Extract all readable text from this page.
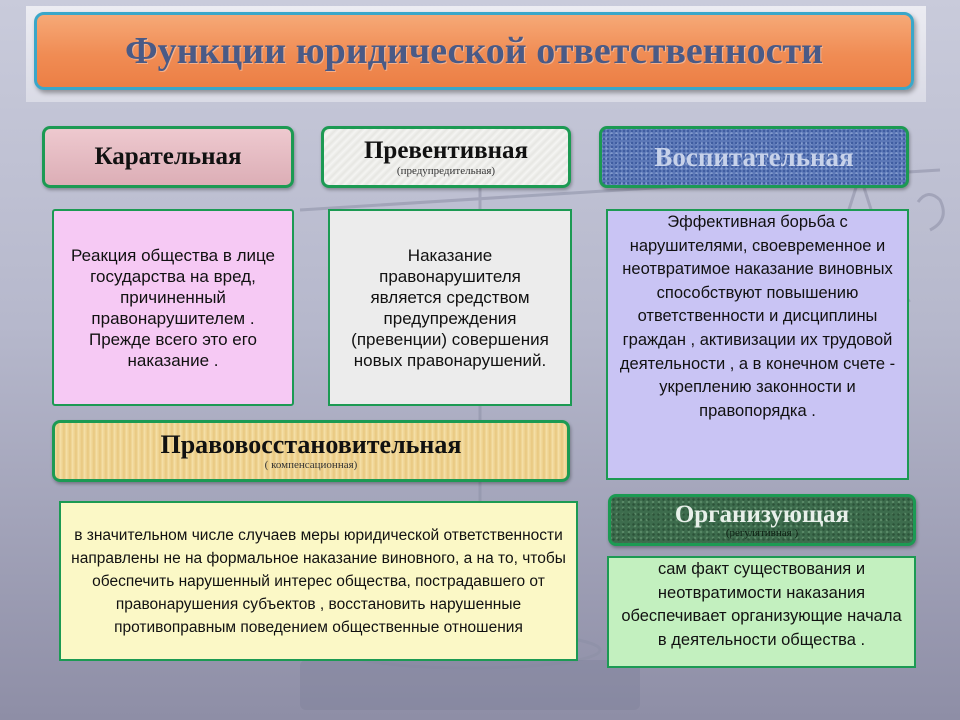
Функции юридической ответственности
Карательная	Превентивная
(предупредительная)	Воспитательная
Правовосстановительная
( компенсационная)
Организующая
(регулятивная )
Реакция общества в лице государства на вред, причиненный правонарушителем . Прежде всего это его наказание .
Наказание правонарушителя является средством предупреждения (превенции) совершения новых правонарушений.
Эффективная борьба с нарушителями, своевременное и неотвратимое наказание виновных способствуют повышению ответственности и дисциплины граждан , активизации их трудовой деятельности , а в конечном счете - укреплению законности и правопорядка .
в значительном числе случаев меры юридической ответственности направлены не на формальное наказание виновного, а на то, чтобы обеспечить нарушенный интерес общества, пострадавшего от правонарушения субъектов , восстановить нарушенные противоправным поведением общественные отношения
сам факт существования и неотвратимости наказания обеспечивает организующие начала в деятельности общества .
